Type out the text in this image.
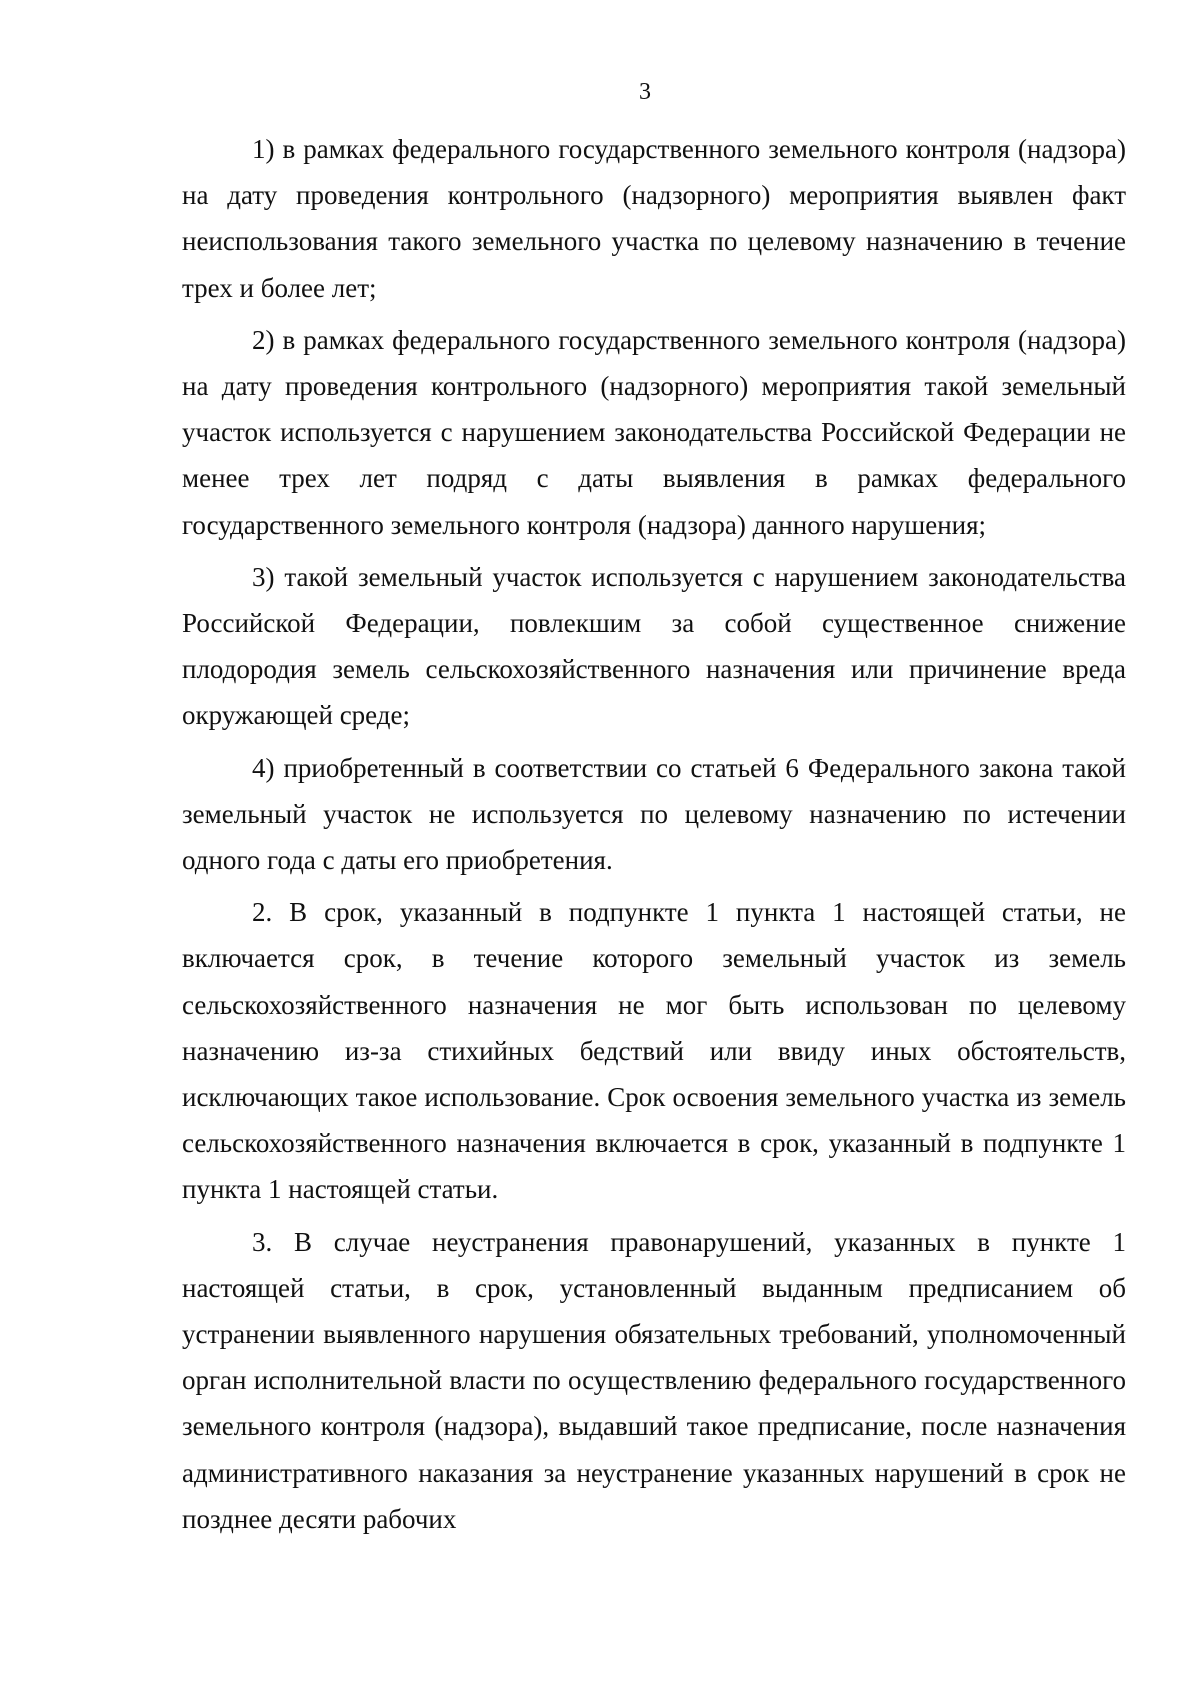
3

1) в рамках федерального государственного земельного контроля (надзора) на дату проведения контрольного (надзорного) мероприятия выявлен факт неиспользования такого земельного участка по целевому назначению в течение трех и более лет;

2) в рамках федерального государственного земельного контроля (надзора) на дату проведения контрольного (надзорного) мероприятия такой земельный участок используется с нарушением законодательства Российской Федерации не менее трех лет подряд с даты выявления в рамках федерального государственного земельного контроля (надзора) данного нарушения;

3) такой земельный участок используется с нарушением законодательства Российской Федерации, повлекшим за собой существенное снижение плодородия земель сельскохозяйственного назначения или причинение вреда окружающей среде;

4) приобретенный в соответствии со статьей 6 Федерального закона такой земельный участок не используется по целевому назначению по истечении одного года с даты его приобретения.

2. В срок, указанный в подпункте 1 пункта 1 настоящей статьи, не включается срок, в течение которого земельный участок из земель сельскохозяйственного назначения не мог быть использован по целевому назначению из-за стихийных бедствий или ввиду иных обстоятельств, исключающих такое использование. Срок освоения земельного участка из земель сельскохозяйственного назначения включается в срок, указанный в подпункте 1 пункта 1 настоящей статьи.

3. В случае неустранения правонарушений, указанных в пункте 1 настоящей статьи, в срок, установленный выданным предписанием об устранении выявленного нарушения обязательных требований, уполномоченный орган исполнительной власти по осуществлению федерального государственного земельного контроля (надзора), выдавший такое предписание, после назначения административного наказания за неустранение указанных нарушений в срок не позднее десяти рабочих
